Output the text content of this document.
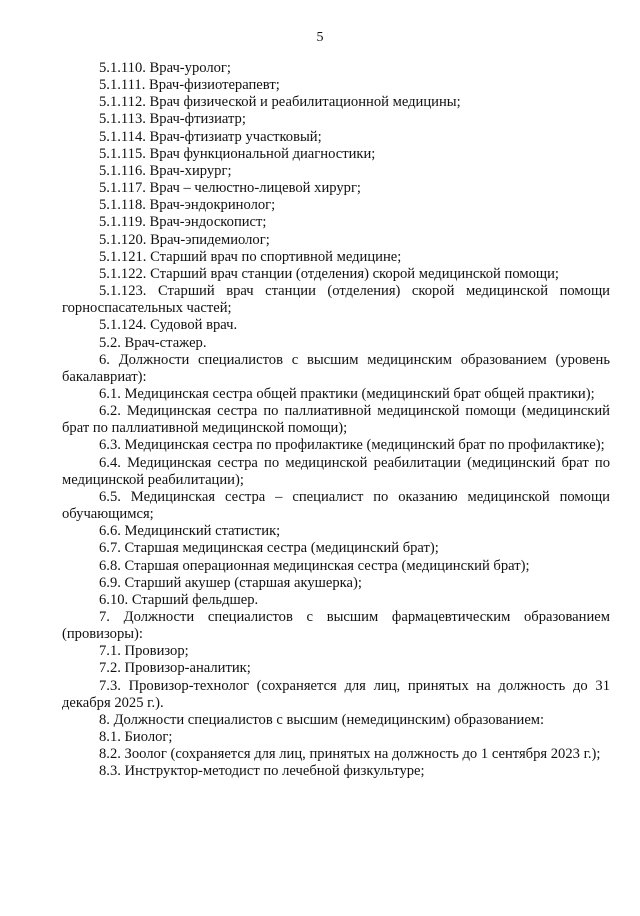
5

5.1.110. Врач-уролог;

5.1.111. Врач-физиотерапевт;

5.1.112. Врач физической и реабилитационной медицины;

5.1.113. Врач-фтизиатр;

5.1.114. Врач-фтизиатр участковый;

5.1.115. Врач функциональной диагностики;

5.1.116. Врач-хирург;

5.1.117. Врач – челюстно-лицевой хирург;

5.1.118. Врач-эндокринолог;

5.1.119. Врач-эндоскопист;

5.1.120. Врач-эпидемиолог;

5.1.121. Старший врач по спортивной медицине;

5.1.122. Старший врач станции (отделения) скорой медицинской помощи;

5.1.123. Старший врач станции (отделения) скорой медицинской помощи горноспасательных частей;

5.1.124. Судовой врач.

5.2. Врач-стажер.

6. Должности специалистов с высшим медицинским образованием (уровень бакалавриат):

6.1. Медицинская сестра общей практики (медицинский брат общей практики);

6.2. Медицинская сестра по паллиативной медицинской помощи (медицинский брат по паллиативной медицинской помощи);

6.3. Медицинская сестра по профилактике (медицинский брат по профилактике);

6.4. Медицинская сестра по медицинской реабилитации (медицинский брат по медицинской реабилитации);

6.5. Медицинская сестра – специалист по оказанию медицинской помощи обучающимся;

6.6. Медицинский статистик;

6.7. Старшая медицинская сестра (медицинский брат);

6.8. Старшая операционная медицинская сестра (медицинский брат);

6.9. Старший акушер (старшая акушерка);

6.10. Старший фельдшер.

7. Должности специалистов с высшим фармацевтическим образованием (провизоры):

7.1. Провизор;

7.2. Провизор-аналитик;

7.3. Провизор-технолог (сохраняется для лиц, принятых на должность до 31 декабря 2025 г.).

8. Должности специалистов с высшим (немедицинским) образованием:

8.1. Биолог;

8.2. Зоолог (сохраняется для лиц, принятых на должность до 1 сентября 2023 г.);

8.3. Инструктор-методист по лечебной физкультуре;
